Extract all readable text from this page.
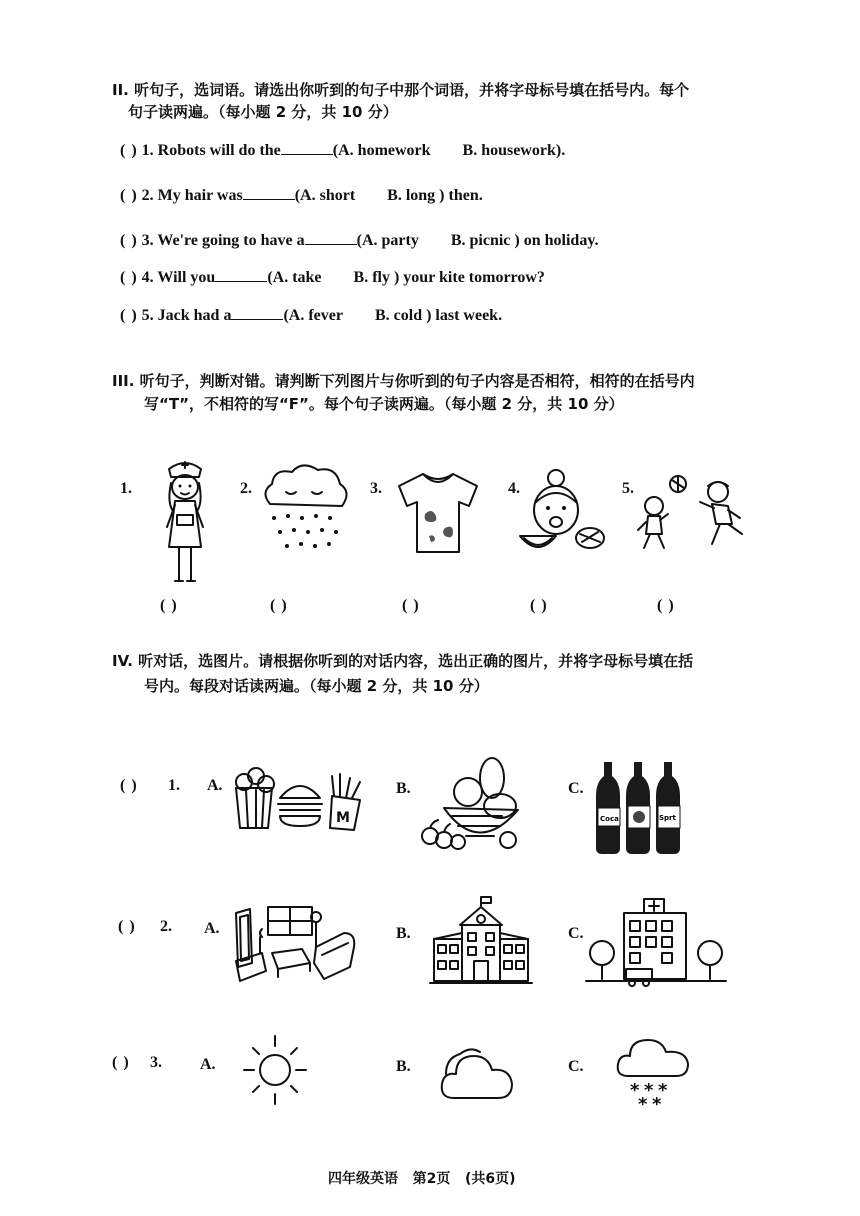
II. 听句子，选词语。请选出你听到的句子中那个词语，并将字母标号填在括号内。每个
句子读两遍。（每小题 2 分，共 10 分）
( ) 1. Robots will do the	(A. homework B. housework).
( ) 2. My hair was	(A. short B. long ) then.
( ) 3. We're going to have a	(A. party B. picnic ) on holiday.
( ) 4. Will you	(A. take B. fly ) your kite tomorrow?
( ) 5. Jack had a	(A. fever B. cold ) last week.
III. 听句子，判断对错。请判断下列图片与你听到的句子内容是否相符，相符的在括号内
写“T”，不相符的写“F”。每个句子读两遍。（每小题 2 分，共 10 分）
1.	2.	3.	4.	5.
( )	( )	( )	( )	( )
IV. 听对话，选图片。请根据你听到的对话内容，选出正确的图片，并将字母标号填在括
号内。每段对话读两遍。（每小题 2 分，共 10 分）
( ) 1. A.	B.	C.
M	Coca	Sprt
( ) 2. A.	B.	C.
( ) 3. A.	B.	C.
* * *
* *
四年级英语   第2页   (共6页)
